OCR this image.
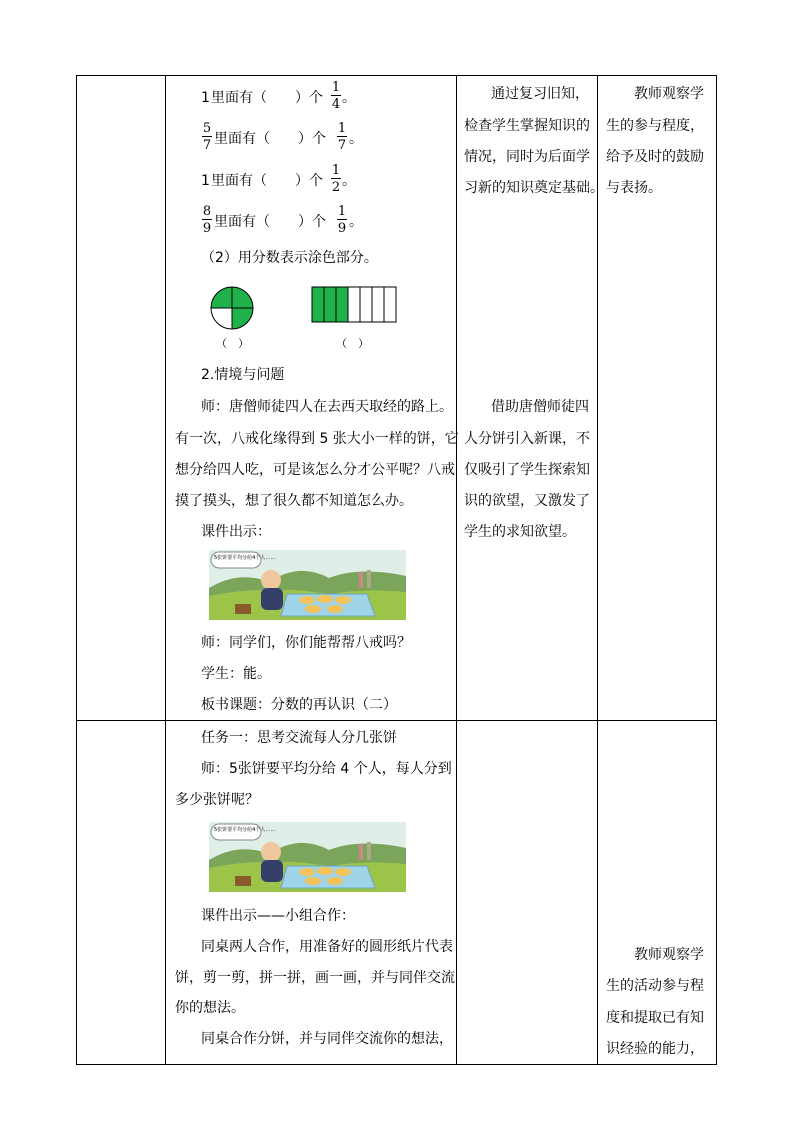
1 里面有（　　）个
1
4 。
5
7 里面有（　　）个
1
7 。
1 里面有（　　）个
1
2 。
8
9 里面有（　　）个
1
9 。
（2）用分数表示涂色部分。
（　）	（　）
2.情境与问题
师：唐僧师徒四人在去西天取经的路上。
有一次，八戒化缘得到 5 张大小一样的饼，它
想分给四人吃，可是该怎么分才公平呢？八戒
摸了摸头，想了很久都不知道怎么办。
课件出示：
5张饼要平均分给4个人……
师：同学们，你们能帮帮八戒吗？
学生：能。
板书课题：分数的再认识（二）
任务一：思考交流每人分几张饼
师：5张饼要平均分给 4 个人，每人分到
多少张饼呢？
5张饼要平均分给4个人……
课件出示——小组合作：
同桌两人合作，用准备好的圆形纸片代表
饼，剪一剪，拼一拼，画一画，并与同伴交流
你的想法。
同桌合作分饼，并与同伴交流你的想法，
通过复习旧知，
检查学生掌握知识的
情况，同时为后面学
习新的知识奠定基础。
借助唐僧师徒四
人分饼引入新课，不
仅吸引了学生探索知
识的欲望，又激发了
学生的求知欲望。
教师观察学
生的参与程度，
给予及时的鼓励
与表扬。
教师观察学
生的活动参与程
度和提取已有知
识经验的能力，
